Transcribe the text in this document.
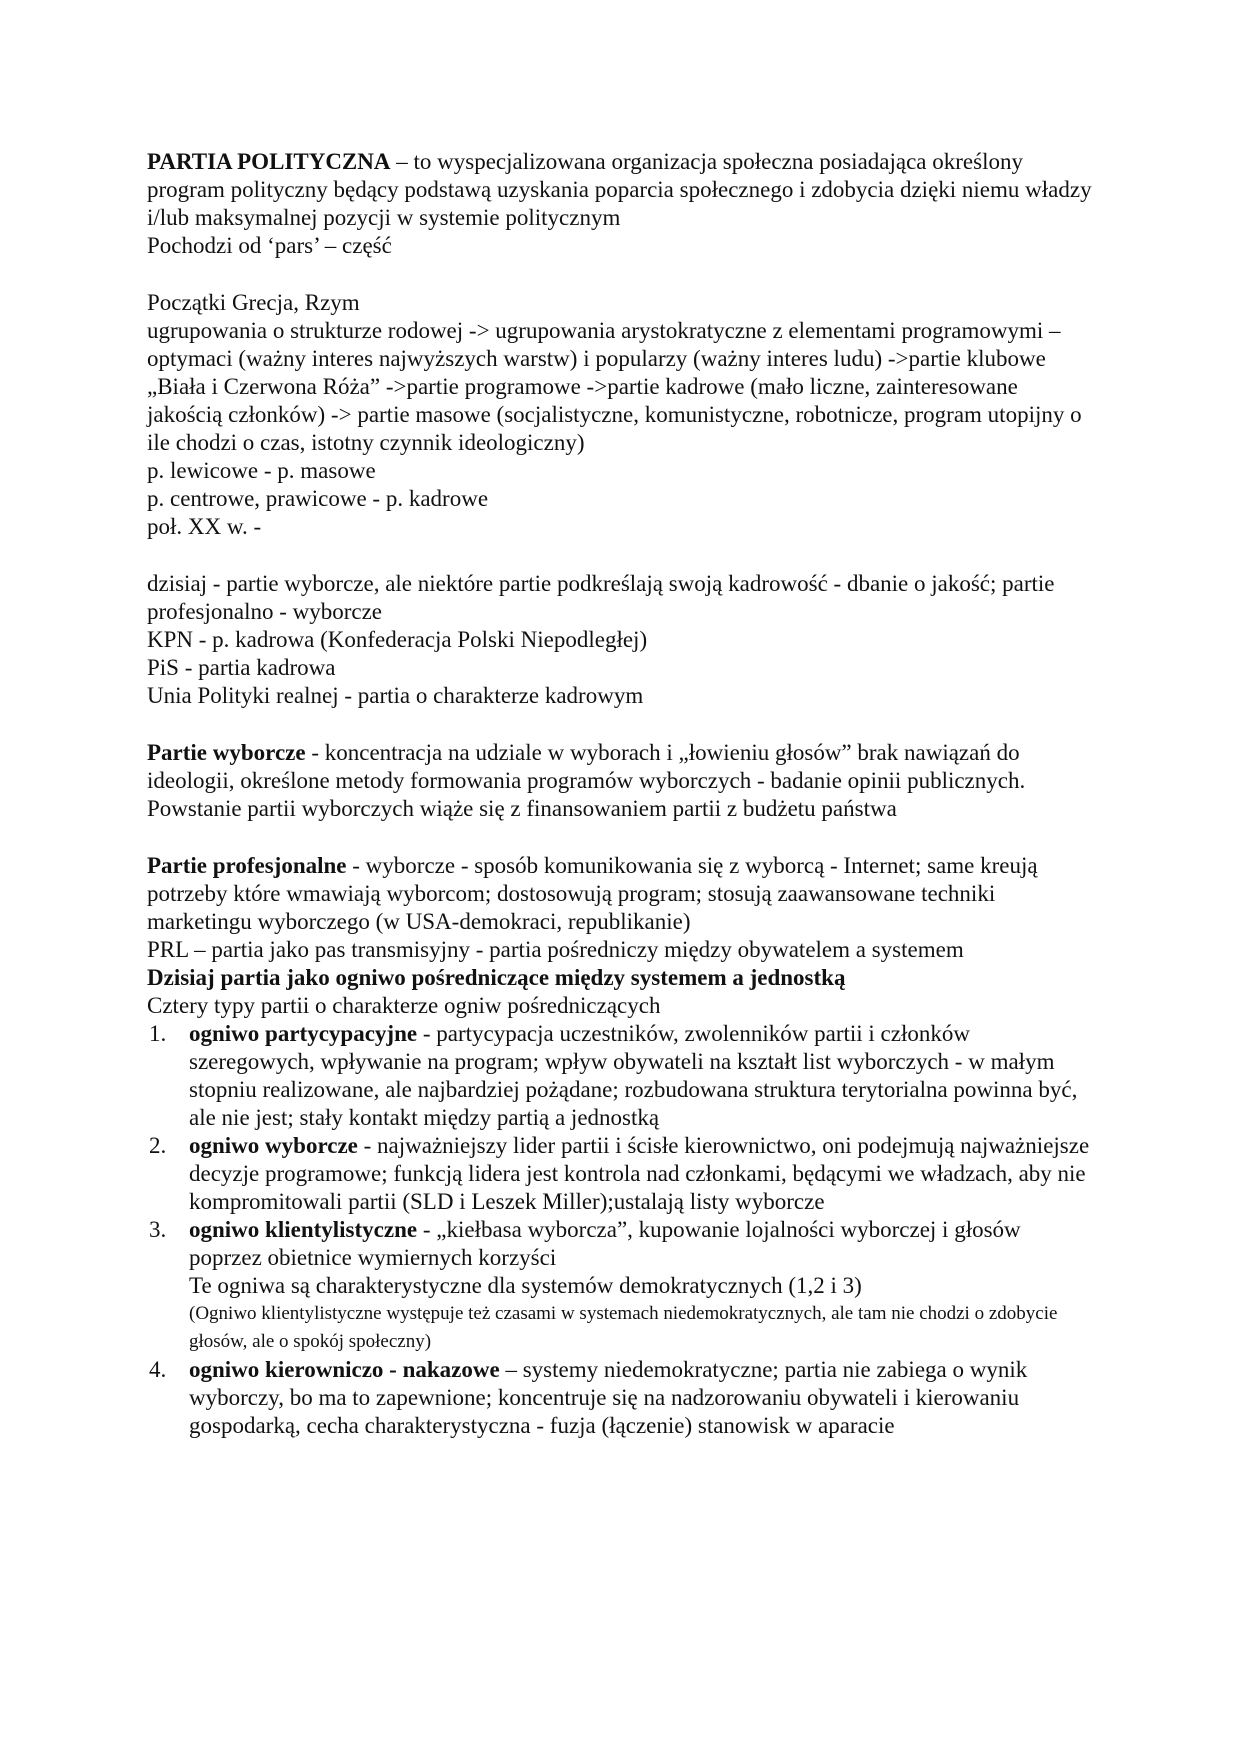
PARTIA POLITYCZNA – to wyspecjalizowana organizacja społeczna posiadająca określony program polityczny będący podstawą uzyskania poparcia społecznego i zdobycia dzięki niemu władzy i/lub maksymalnej pozycji w systemie politycznym

Pochodzi od ‘pars’ – część

Początki Grecja, Rzym

ugrupowania o strukturze rodowej -> ugrupowania arystokratyczne z elementami programowymi – optymaci (ważny interes najwyższych warstw) i popularzy (ważny interes ludu) ->partie klubowe „Biała i Czerwona Róża” ->partie programowe ->partie kadrowe (mało liczne, zainteresowane jakością członków) -> partie masowe (socjalistyczne, komunistyczne, robotnicze, program utopijny o ile chodzi o czas, istotny czynnik ideologiczny)

p. lewicowe - p. masowe

p. centrowe, prawicowe - p. kadrowe

poł. XX w. -

dzisiaj - partie wyborcze, ale niektóre partie podkreślają swoją kadrowość - dbanie o jakość; partie profesjonalno - wyborcze

KPN - p. kadrowa (Konfederacja Polski Niepodległej)

PiS - partia kadrowa

Unia Polityki realnej - partia o charakterze kadrowym

Partie wyborcze - koncentracja na udziale w wyborach i „łowieniu głosów” brak nawiązań do ideologii, określone metody formowania programów wyborczych - badanie opinii publicznych. Powstanie partii wyborczych wiąże się z finansowaniem partii z budżetu państwa

Partie profesjonalne - wyborcze - sposób komunikowania się z wyborcą - Internet; same kreują potrzeby które wmawiają wyborcom; dostosowują program; stosują zaawansowane techniki marketingu wyborczego (w USA-demokraci, republikanie)

PRL – partia jako pas transmisyjny - partia pośredniczy między obywatelem a systemem

Dzisiaj partia jako ogniwo pośredniczące między systemem a jednostką

Cztery typy partii o charakterze ogniw pośredniczących

1. ogniwo partycypacyjne - partycypacja uczestników, zwolenników partii i członków szeregowych, wpływanie na program; wpływ obywateli na kształt list wyborczych - w małym stopniu realizowane, ale najbardziej pożądane; rozbudowana struktura terytorialna powinna być, ale nie jest; stały kontakt między partią a jednostką
2. ogniwo wyborcze - najważniejszy lider partii i ścisłe kierownictwo, oni podejmują najważniejsze decyzje programowe; funkcją lidera jest kontrola nad członkami, będącymi we władzach, aby nie kompromitowali partii (SLD i Leszek Miller);ustalają listy wyborcze
3. ogniwo klientylistyczne - „kiełbasa wyborcza”, kupowanie lojalności wyborczej i głosów poprzez obietnice wymiernych korzyści
Te ogniwa są charakterystyczne dla systemów demokratycznych (1,2 i 3)
(Ogniwo klientylistyczne występuje też czasami w systemach niedemokratycznych, ale tam nie chodzi o zdobycie głosów, ale o spokój społeczny)
4. ogniwo kierowniczo - nakazowe – systemy niedemokratyczne; partia nie zabiega o wynik wyborczy, bo ma to zapewnione; koncentruje się na nadzorowaniu obywateli i kierowaniu gospodarką, cecha charakterystyczna - fuzja (łączenie) stanowisk w aparacie
